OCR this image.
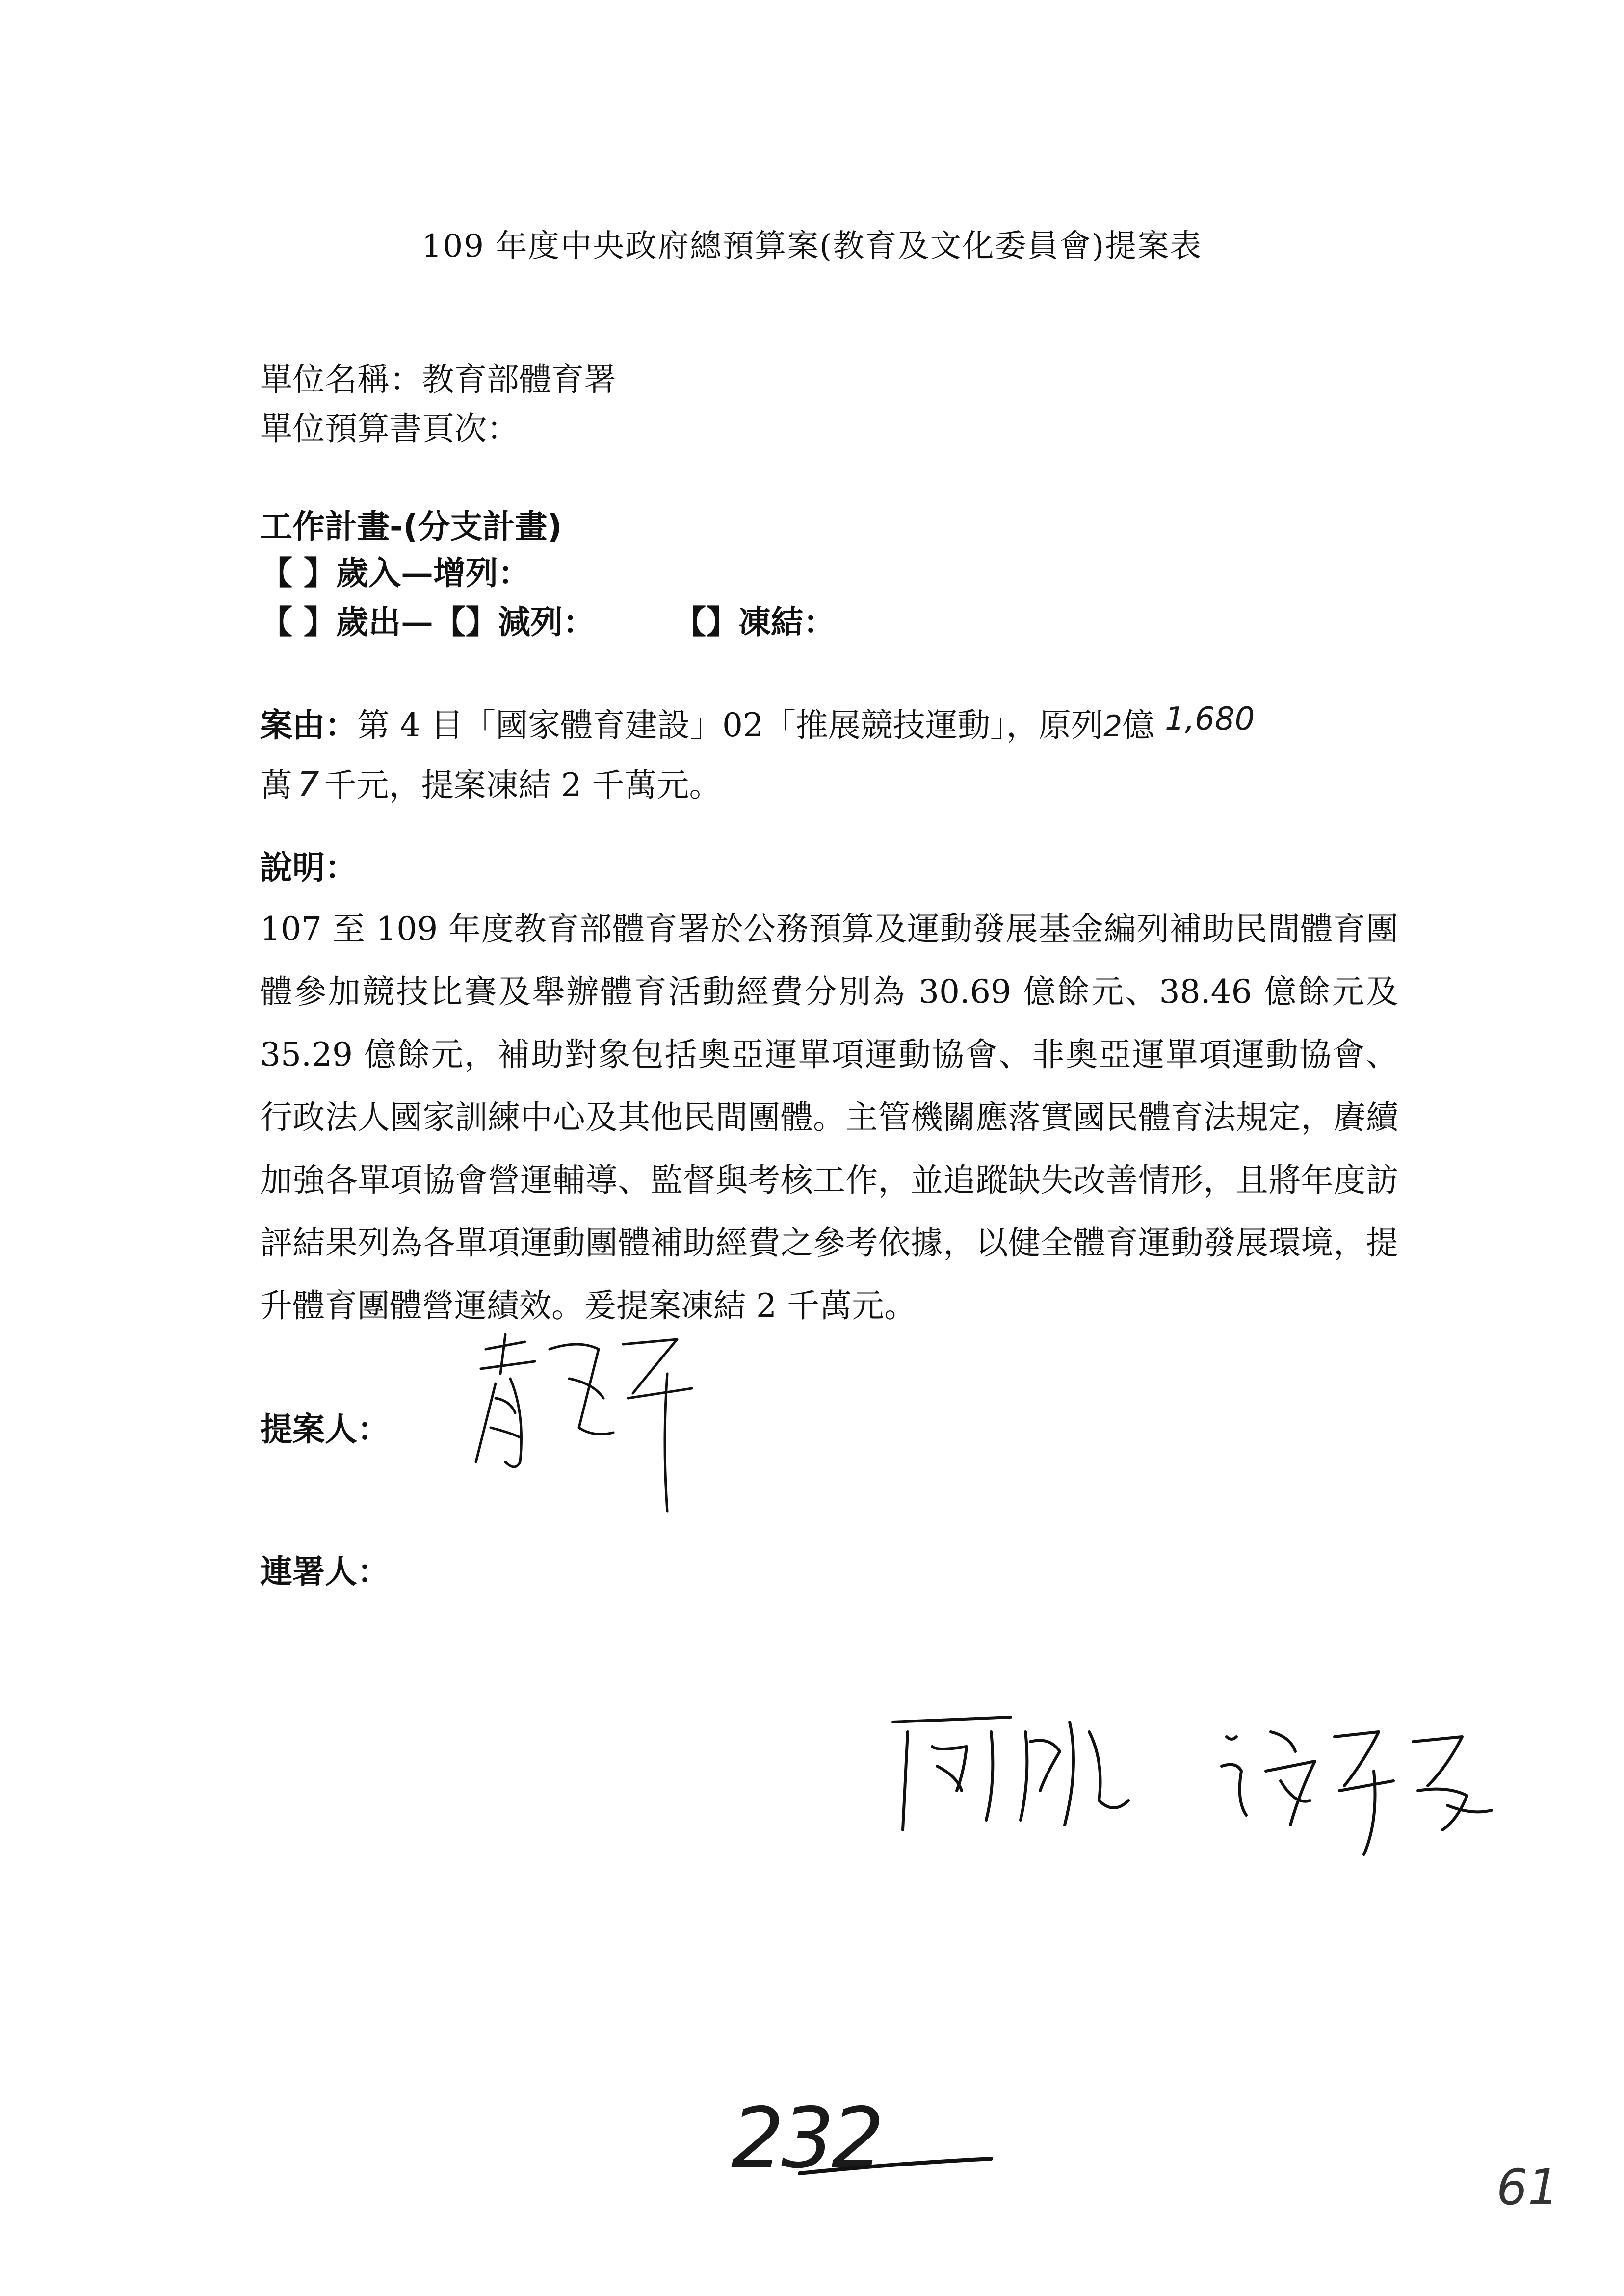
109 年度中央政府總預算案(教育及文化委員會)提案表
單位名稱：教育部體育署
單位預算書頁次：
工作計畫-(分支計畫)
【 】歲入—增列：
【 】歲出—【】減列： 【】凍結：
案由：第 4 目「國家體育建設」02「推展競技運動」，原列2億 1,680
萬 7 千元，提案凍結 2 千萬元。
說明：
107 至 109 年度教育部體育署於公務預算及運動發展基金編列補助民間體育團體參加競技比賽及舉辦體育活動經費分別為 30.69 億餘元、38.46 億餘元及 35.29 億餘元，補助對象包括奧亞運單項運動協會、非奧亞運單項運動協會、行政法人國家訓練中心及其他民間團體。主管機關應落實國民體育法規定，賡續加強各單項協會營運輔導、監督與考核工作，並追蹤缺失改善情形，且將年度訪評結果列為各單項運動團體補助經費之參考依據，以健全體育運動發展環境，提升體育團體營運績效。爰提案凍結 2 千萬元。
提案人：
連署人：
232
61
